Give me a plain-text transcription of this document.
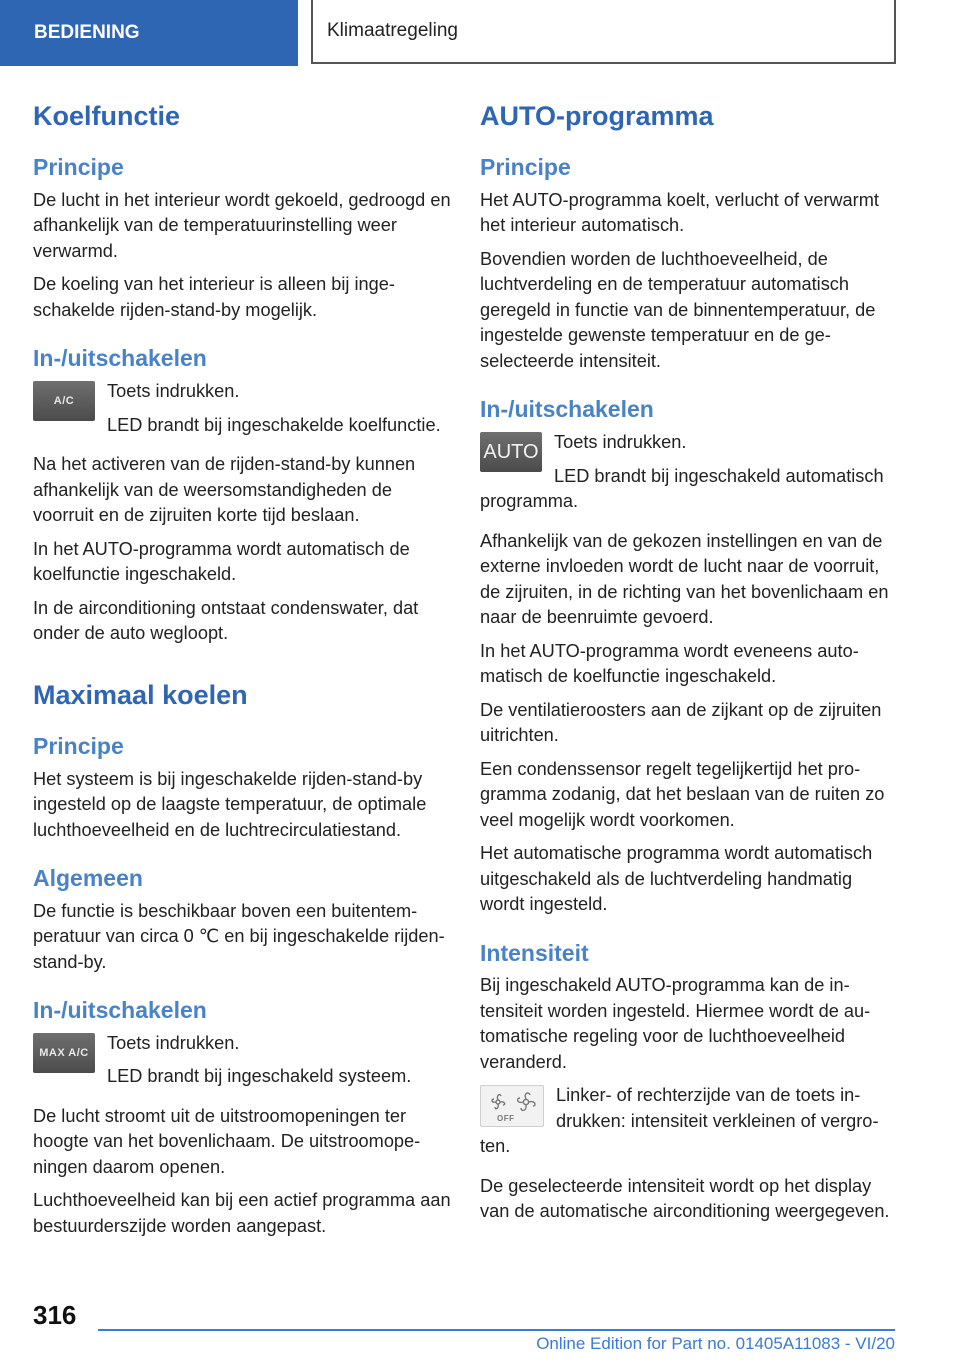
BEDIENING	Klimaatregeling
Koelfunctie
Principe

De lucht in het interieur wordt gekoeld, gedroogd en afhankelijk van de temperatuurinstelling weer verwarmd.

De koeling van het interieur is alleen bij ingeschakelde rijden-stand-by mogelijk.

In-/uitschakelen
A/C	Toets indrukken.

LED brandt bij ingeschakelde koelfunctie.

Na het activeren van de rijden-stand-by kunnen afhankelijk van de weersomstandigheden de voorruit en de zijruiten korte tijd beslaan.

In het AUTO-programma wordt automatisch de koelfunctie ingeschakeld.

In de airconditioning ontstaat condenswater, dat onder de auto wegloopt.

Maximaal koelen
Principe

Het systeem is bij ingeschakelde rijden-stand-by ingesteld op de laagste temperatuur, de optimale luchthoeveelheid en de luchtrecirculatiestand.

Algemeen

De functie is beschikbaar boven een buitentemperatuur van circa 0 ℃ en bij ingeschakelde rijden-stand-by.

In-/uitschakelen
MAX A/C	Toets indrukken.

LED brandt bij ingeschakeld systeem.

De lucht stroomt uit de uitstroomopeningen ter hoogte van het bovenlichaam. De uitstroomopeningen daarom openen.

Luchthoeveelheid kan bij een actief programma aan bestuurderszijde worden aangepast.

AUTO-programma
Principe

Het AUTO-programma koelt, verlucht of verwarmt het interieur automatisch.

Bovendien worden de luchthoeveelheid, de luchtverdeling en de temperatuur automatisch geregeld in functie van de binnentemperatuur, de ingestelde gewenste temperatuur en de geselecteerde intensiteit.

In-/uitschakelen
AUTO Toets indrukken.

LED brandt bij ingeschakeld automatisch programma.

Afhankelijk van de gekozen instellingen en van de externe invloeden wordt de lucht naar de voorruit, de zijruiten, in de richting van het bovenlichaam en naar de beenruimte gevoerd.

In het AUTO-programma wordt eveneens automatisch de koelfunctie ingeschakeld.

De ventilatieroosters aan de zijkant op de zijruiten uitrichten.

Een condenssensor regelt tegelijkertijd het programma zodanig, dat het beslaan van de ruiten zo veel mogelijk wordt voorkomen.

Het automatische programma wordt automatisch uitgeschakeld als de luchtverdeling handmatig wordt ingesteld.

Intensiteit

Bij ingeschakeld AUTO-programma kan de intensiteit worden ingesteld. Hiermee wordt de automatische regeling voor de luchthoeveelheid veranderd.

OFF

Linker- of rechterzijde van de toets indrukken: intensiteit verkleinen of vergroten.

De geselecteerde intensiteit wordt op het display van de automatische airconditioning weergegeven.

316
Online Edition for Part no. 01405A11083 - VI/20
